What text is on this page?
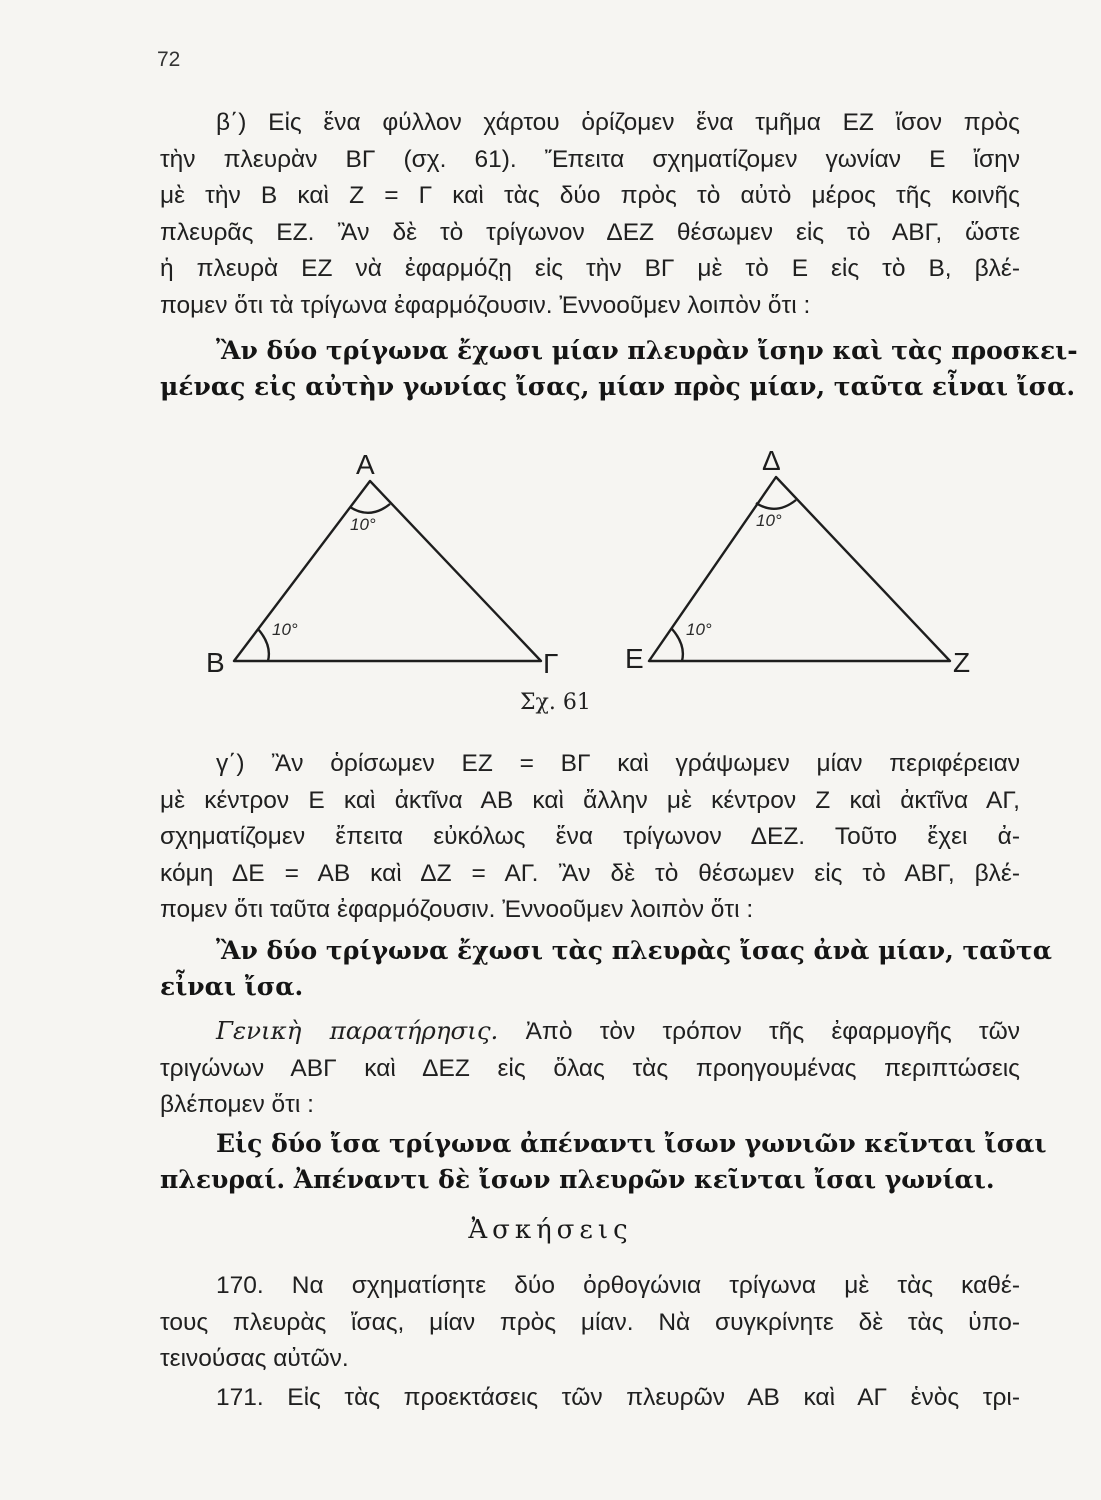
72
β΄) Εἰς ἕνα φύλλον χάρτου ὁρίζομεν ἕνα τμῆμα ΕΖ ἴσον πρὸς
τὴν πλευρὰν ΒΓ (σχ. 61). Ἔπειτα σχηματίζομεν γωνίαν Ε ἴσην
μὲ τὴν Β καὶ Ζ = Γ καὶ τὰς δύο πρὸς τὸ αὐτὸ μέρος τῆς κοινῆς
πλευρᾶς ΕΖ. Ἂν δὲ τὸ τρίγωνον ΔΕΖ θέσωμεν εἰς τὸ ΑΒΓ, ὥστε
ἡ πλευρὰ ΕΖ νὰ ἐφαρμόζῃ εἰς τὴν ΒΓ μὲ τὸ Ε εἰς τὸ Β, βλέ-
πομεν ὅτι τὰ τρίγωνα ἐφαρμόζουσιν. Ἐννοοῦμεν λοιπὸν ὅτι :
Ἂν δύο τρίγωνα ἔχωσι μίαν πλευρὰν ἴσην καὶ τὰς προσκει-
μένας εἰς αὐτὴν γωνίας ἴσας, μίαν πρὸς μίαν, ταῦτα εἶναι ἴσα.
Α
Β	Γ
Δ
Ε	Ζ
10°
10°
10°
10°
Σχ. 61
γ΄) Ἂν ὁρίσωμεν ΕΖ = ΒΓ καὶ γράψωμεν μίαν περιφέρειαν
μὲ κέντρον Ε καὶ ἀκτῖνα ΑΒ καὶ ἄλλην μὲ κέντρον Ζ καὶ ἀκτῖνα ΑΓ,
σχηματίζομεν ἔπειτα εὐκόλως ἕνα τρίγωνον ΔΕΖ. Τοῦτο ἔχει ἀ-
κόμη ΔΕ = ΑΒ καὶ ΔΖ = ΑΓ. Ἂν δὲ τὸ θέσωμεν εἰς τὸ ΑΒΓ, βλέ-
πομεν ὅτι ταῦτα ἐφαρμόζουσιν. Ἐννοοῦμεν λοιπὸν ὅτι :
Ἂν δύο τρίγωνα ἔχωσι τὰς πλευρὰς ἴσας ἀνὰ μίαν, ταῦτα
εἶναι ἴσα.
Γενικὴ παρατήρησις. Ἀπὸ τὸν τρόπον τῆς ἐφαρμογῆς τῶν
τριγώνων ΑΒΓ καὶ ΔΕΖ εἰς ὅλας τὰς προηγουμένας περιπτώσεις
βλέπομεν ὅτι :
Εἰς δύο ἴσα τρίγωνα ἀπέναντι ἴσων γωνιῶν κεῖνται ἴσαι
πλευραί. Ἀπέναντι δὲ ἴσων πλευρῶν κεῖνται ἴσαι γωνίαι.
Ἀσκήσεις
170. Να σχηματίσητε δύο ὀρθογώνια τρίγωνα μὲ τὰς καθέ-
τους πλευρὰς ἴσας, μίαν πρὸς μίαν. Νὰ συγκρίνητε δὲ τὰς ὑπο-
τεινούσας αὐτῶν.
171. Εἰς τὰς προεκτάσεις τῶν πλευρῶν ΑΒ καὶ ΑΓ ἑνὸς τρι-
